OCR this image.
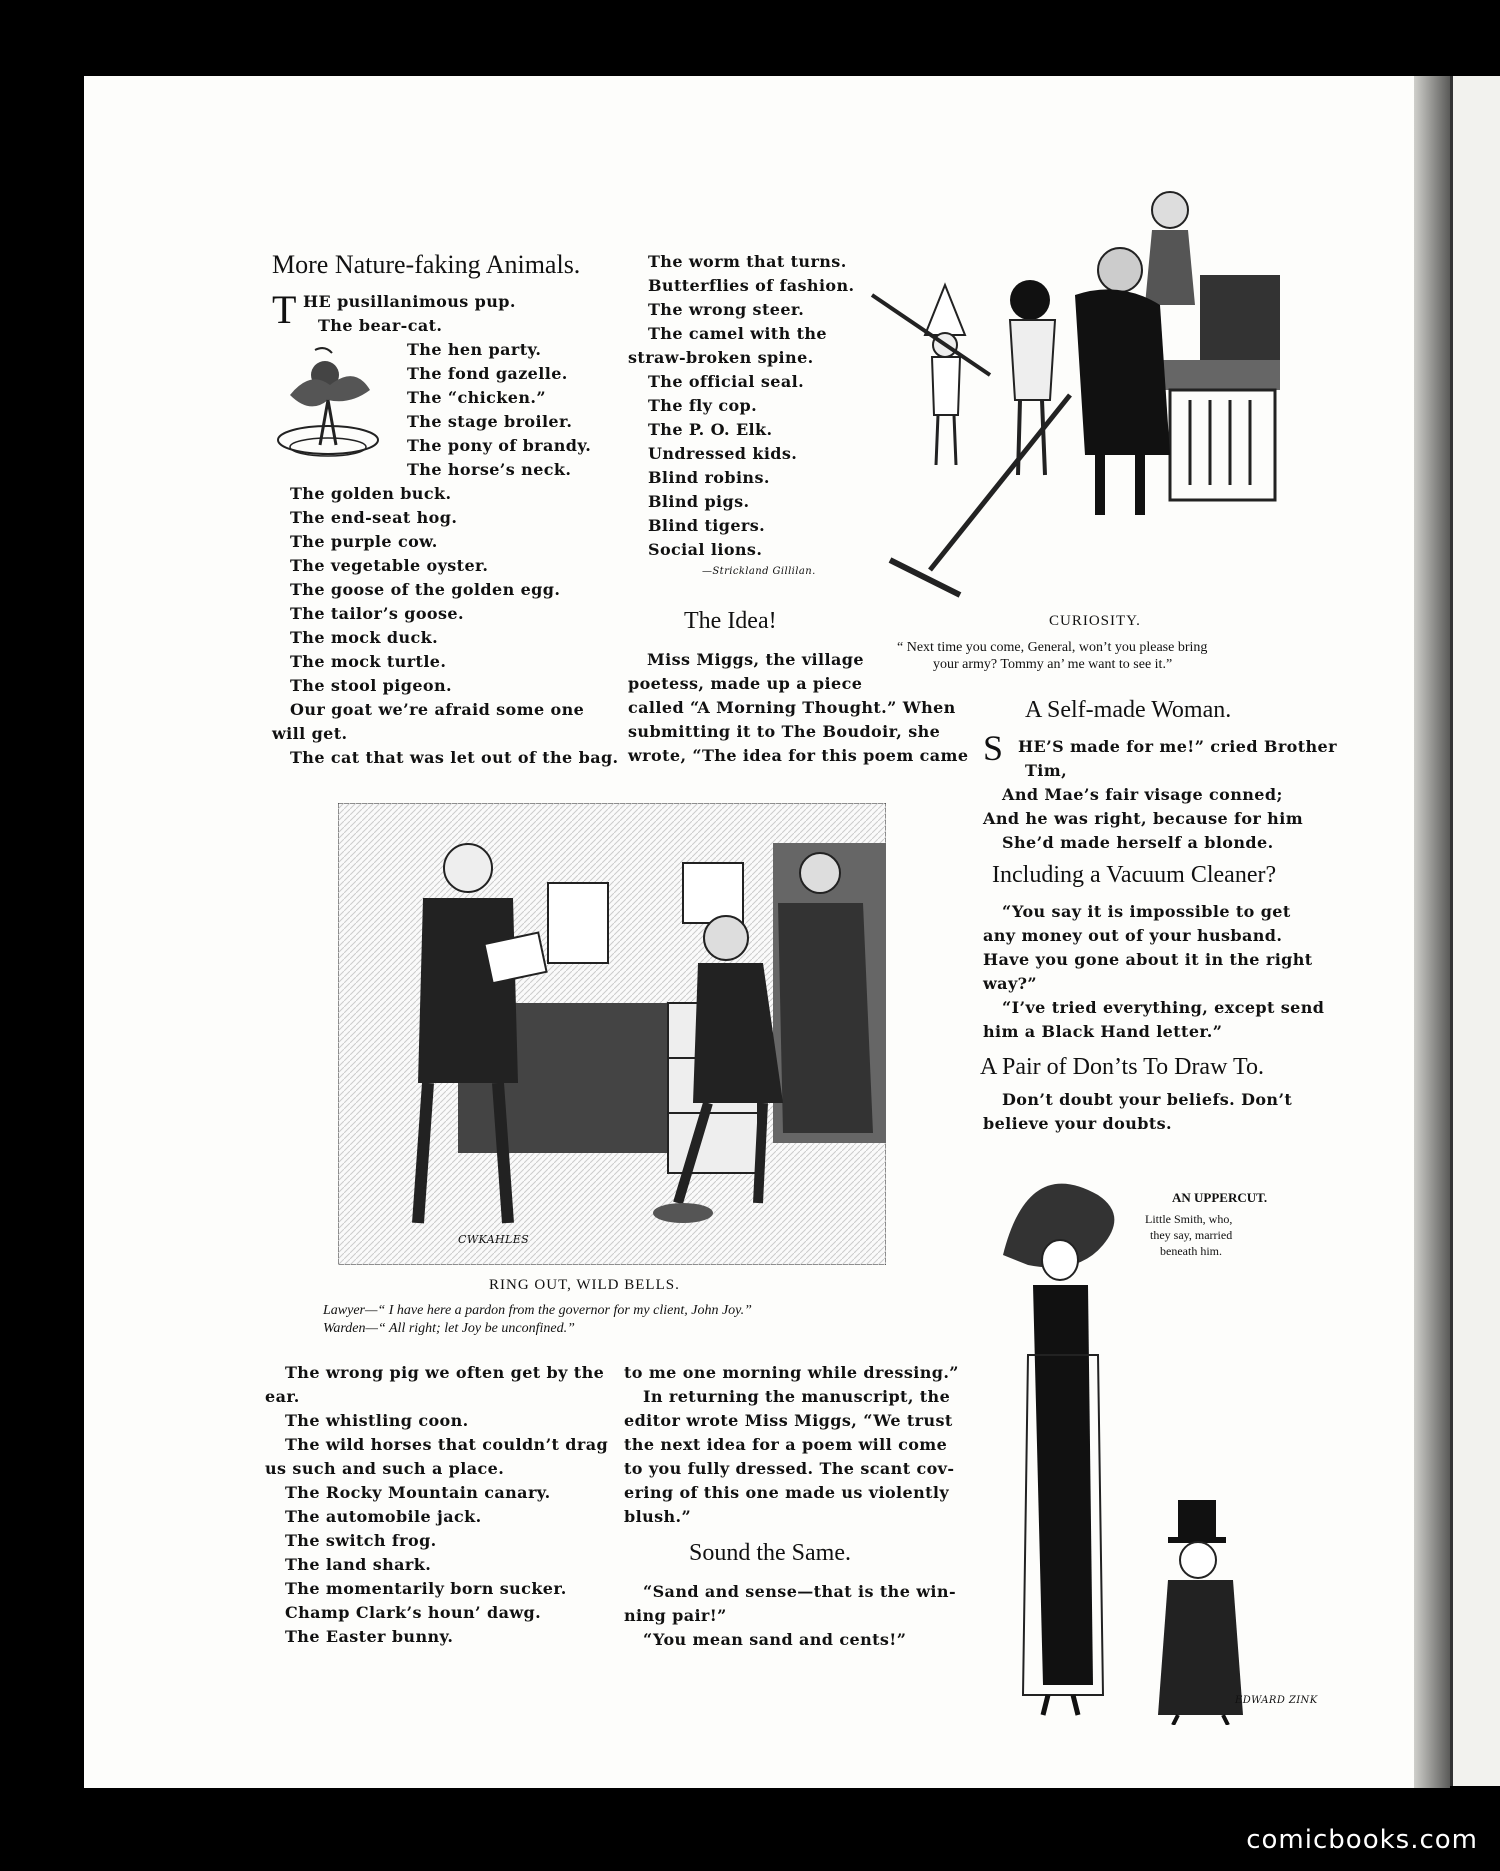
More Nature-faking Animals.
T HE pusillanimous pup.
The bear-cat.
The hen party.
The fond gazelle.
The “chicken.”
The stage broiler.
The pony of brandy.
The horse’s neck.
The golden buck.
The end-seat hog.
The purple cow.
The vegetable oyster.
The goose of the golden egg.
The tailor’s goose.
The mock duck.
The mock turtle.
The stool pigeon.
Our goat we’re afraid some one
will get.
The cat that was let out of the bag.
The worm that turns.
Butterflies of fashion.
The wrong steer.
The camel with the
straw-broken spine.
The official seal.
The fly cop.
The P. O. Elk.
Undressed kids.
Blind robins.
Blind pigs.
Blind tigers.
Social lions.
—Strickland Gillilan.
The Idea!
Miss Miggs, the village
poetess, made up a piece
called “A Morning Thought.” When
submitting it to The Boudoir, she
wrote, “The idea for this poem came
CURIOSITY.
“ Next time you come, General, won’t you please bring
your army? Tommy an’ me want to see it.”
A Self-made Woman.
S HE’S made for me!” cried Brother
Tim,
And Mae’s fair visage conned;
And he was right, because for him
She’d made herself a blonde.
Including a Vacuum Cleaner?
“You say it is impossible to get
any money out of your husband.
Have you gone about it in the right
way?”
“I’ve tried everything, except send
him a Black Hand letter.”
A Pair of Don’ts To Draw To.
Don’t doubt your beliefs. Don’t
believe your doubts.
CWKAHLES
RING OUT, WILD BELLS.
Lawyer—“ I have here a pardon from the governor for my client, John Joy.”
Warden—“ All right; let Joy be unconfined.”
The wrong pig we often get by the
ear.
The whistling coon.
The wild horses that couldn’t drag
us such and such a place.
The Rocky Mountain canary.
The automobile jack.
The switch frog.
The land shark.
The momentarily born sucker.
Champ Clark’s houn’ dawg.
The Easter bunny.
to me one morning while dressing.”
In returning the manuscript, the
editor wrote Miss Miggs, “We trust
the next idea for a poem will come
to you fully dressed. The scant cov-
ering of this one made us violently
blush.”
Sound the Same.
“Sand and sense—that is the win-
ning pair!”
“You mean sand and cents!”
AN UPPERCUT.
Little Smith, who,
they say, married
beneath him.
EDWARD ZINK
comicbooks.com
